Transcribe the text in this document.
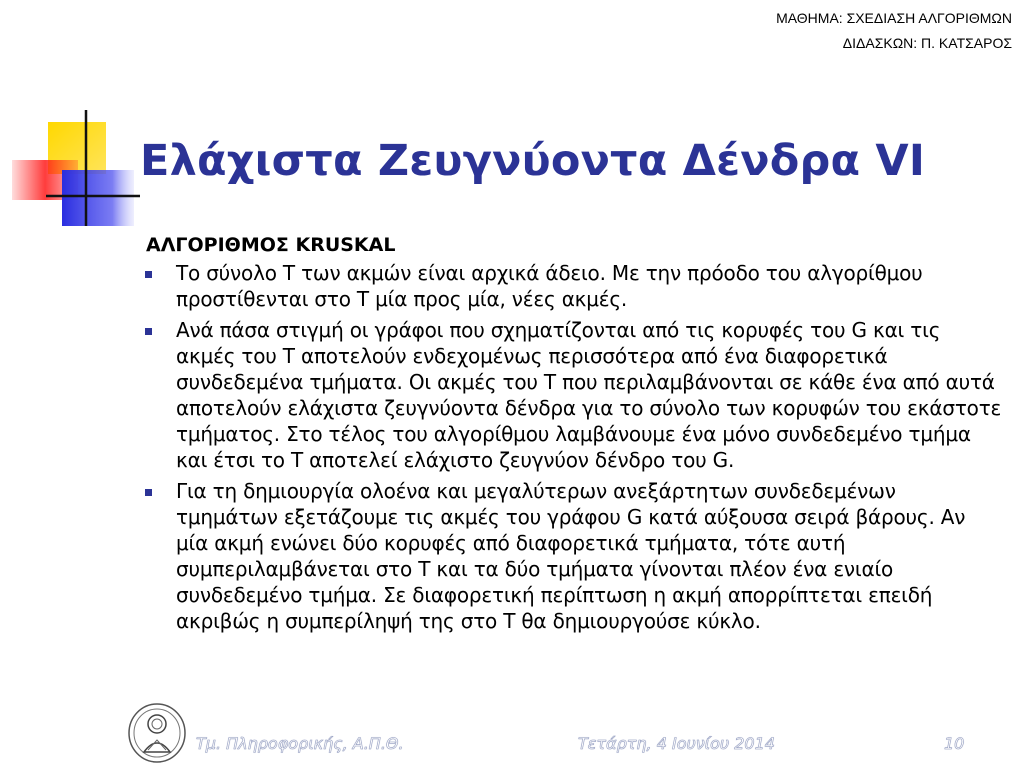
ΜΑΘΗΜΑ: ΣΧΕΔΙΑΣΗ ΑΛΓΟΡΙΘΜΩΝ
ΔΙΔΑΣΚΩΝ: Π. ΚΑΤΣΑΡΟΣ
Ελάχιστα Ζευγνύοντα Δένδρα VI
ΑΛΓΟΡΙΘΜΟΣ KRUSKAL
Το σύνολο T των ακμών είναι αρχικά άδειο. Με την πρόοδο του αλγορίθμου προστίθενται στο T μία προς μία, νέες ακμές.
Ανά πάσα στιγμή οι γράφοι που σχηματίζονται από τις κορυφές του G και τις ακμές του T αποτελούν ενδεχομένως περισσότερα από ένα διαφορετικά συνδεδεμένα τμήματα. Οι ακμές του T που περιλαμβάνονται σε κάθε ένα από αυτά αποτελούν ελάχιστα ζευγνύοντα δένδρα για το σύνολο των κορυφών του εκάστοτε τμήματος. Στο τέλος του αλγορίθμου λαμβάνουμε ένα μόνο συνδεδεμένο τμήμα και έτσι το T αποτελεί ελάχιστο ζευγνύον δένδρο του G.
Για τη δημιουργία ολοένα και μεγαλύτερων ανεξάρτητων συνδεδεμένων τμημάτων εξετάζουμε τις ακμές του γράφου G κατά αύξουσα σειρά βάρους. Αν μία ακμή ενώνει δύο κορυφές από διαφορετικά τμήματα, τότε αυτή συμπεριλαμβάνεται στο T και τα δύο τμήματα γίνονται πλέον ένα ενιαίο συνδεδεμένο τμήμα. Σε διαφορετική περίπτωση η ακμή απορρίπτεται επειδή ακριβώς η συμπερίληψή της στο T θα δημιουργούσε κύκλο.
Τμ. Πληροφορικής, Α.Π.Θ.	Τετάρτη, 4 Ιουνίου 2014	10
